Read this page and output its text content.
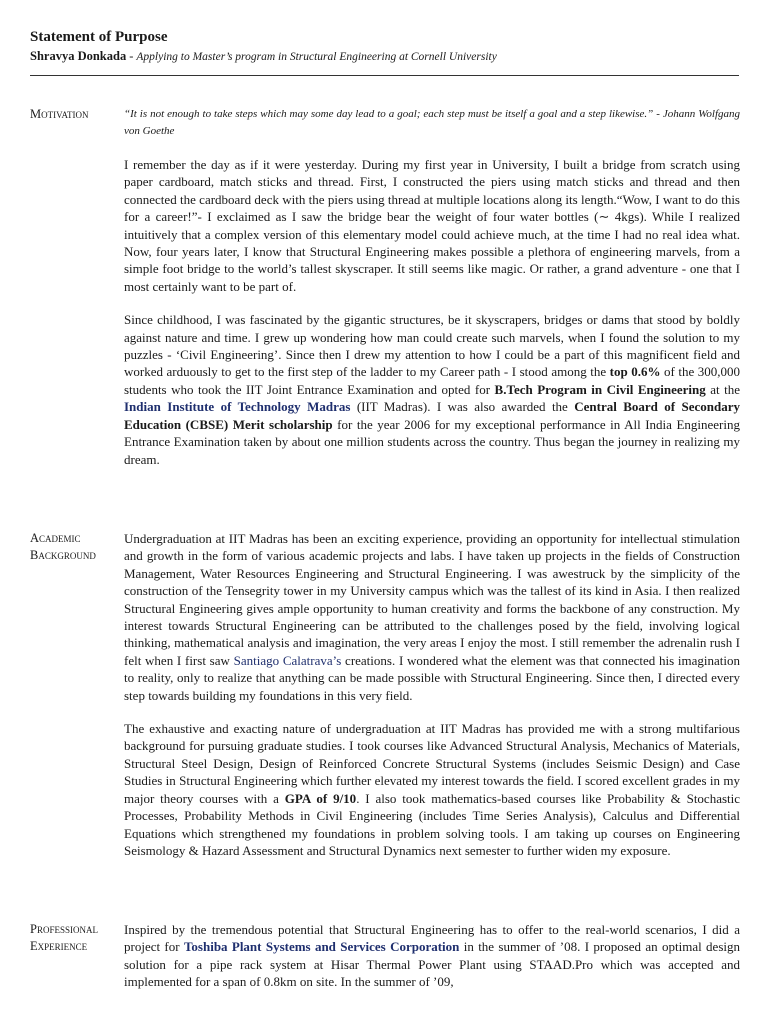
Statement of Purpose
Shravya Donkada - Applying to Master’s program in Structural Engineering at Cornell University
Motivation	“It is not enough to take steps which may some day lead to a goal; each step must be itself a goal and a step likewise.” - Johann Wolfgang von Goethe

I remember the day as if it were yesterday. During my first year in University, I built a bridge from scratch using paper cardboard, match sticks and thread. First, I constructed the piers using match sticks and thread and then connected the cardboard deck with the piers using thread at multiple locations along its length.“Wow, I want to do this for a career!”- I exclaimed as I saw the bridge bear the weight of four water bottles (∼ 4kgs). While I realized intuitively that a complex version of this elementary model could achieve much, at the time I had no real idea what. Now, four years later, I know that Structural Engineering makes possible a plethora of engineering marvels, from a simple foot bridge to the world’s tallest skyscraper. It still seems like magic. Or rather, a grand adventure - one that I most certainly want to be part of.

Since childhood, I was fascinated by the gigantic structures, be it skyscrapers, bridges or dams that stood by boldly against nature and time. I grew up wondering how man could create such marvels, when I found the solution to my puzzles - ‘Civil Engineering’. Since then I drew my attention to how I could be a part of this magnificent field and worked arduously to get to the first step of the ladder to my Career path - I stood among the top 0.6% of the 300,000 students who took the IIT Joint Entrance Examination and opted for B.Tech Program in Civil Engineering at the Indian Institute of Technology Madras (IIT Madras). I was also awarded the Central Board of Secondary Education (CBSE) Merit scholarship for the year 2006 for my exceptional performance in All India Engineering Entrance Examination taken by about one million students across the country. Thus began the journey in realizing my dream.

Academic
Background

Undergraduation at IIT Madras has been an exciting experience, providing an opportunity for intellectual stimulation and growth in the form of various academic projects and labs. I have taken up projects in the fields of Construction Management, Water Resources Engineering and Structural Engineering. I was awestruck by the simplicity of the construction of the Tensegrity tower in my University campus which was the tallest of its kind in Asia. I then realized Structural Engineering gives ample opportunity to human creativity and forms the backbone of any construction. My interest towards Structural Engineering can be attributed to the challenges posed by the field, involving logical thinking, mathematical analysis and imagination, the very areas I enjoy the most. I still remember the adrenalin rush I felt when I first saw Santiago Calatrava’s creations. I wondered what the element was that connected his imagination to reality, only to realize that anything can be made possible with Structural Engineering. Since then, I directed every step towards building my foundations in this very field.

The exhaustive and exacting nature of undergraduation at IIT Madras has provided me with a strong multifarious background for pursuing graduate studies. I took courses like Advanced Structural Analysis, Mechanics of Materials, Structural Steel Design, Design of Reinforced Concrete Structural Systems (includes Seismic Design) and Case Studies in Structural Engineering which further elevated my interest towards the field. I scored excellent grades in my major theory courses with a GPA of 9/10. I also took mathematics-based courses like Probability & Stochastic Processes, Probability Methods in Civil Engineering (includes Time Series Analysis), Calculus and Differential Equations which strengthened my foundations in problem solving tools. I am taking up courses on Engineering Seismology & Hazard Assessment and Structural Dynamics next semester to further widen my exposure.

Professional
Experience

Inspired by the tremendous potential that Structural Engineering has to offer to the real-world scenarios, I did a project for Toshiba Plant Systems and Services Corporation in the summer of ’08. I proposed an optimal design solution for a pipe rack system at Hisar Thermal Power Plant using STAAD.Pro which was accepted and implemented for a span of 0.8km on site. In the summer of ’09,
